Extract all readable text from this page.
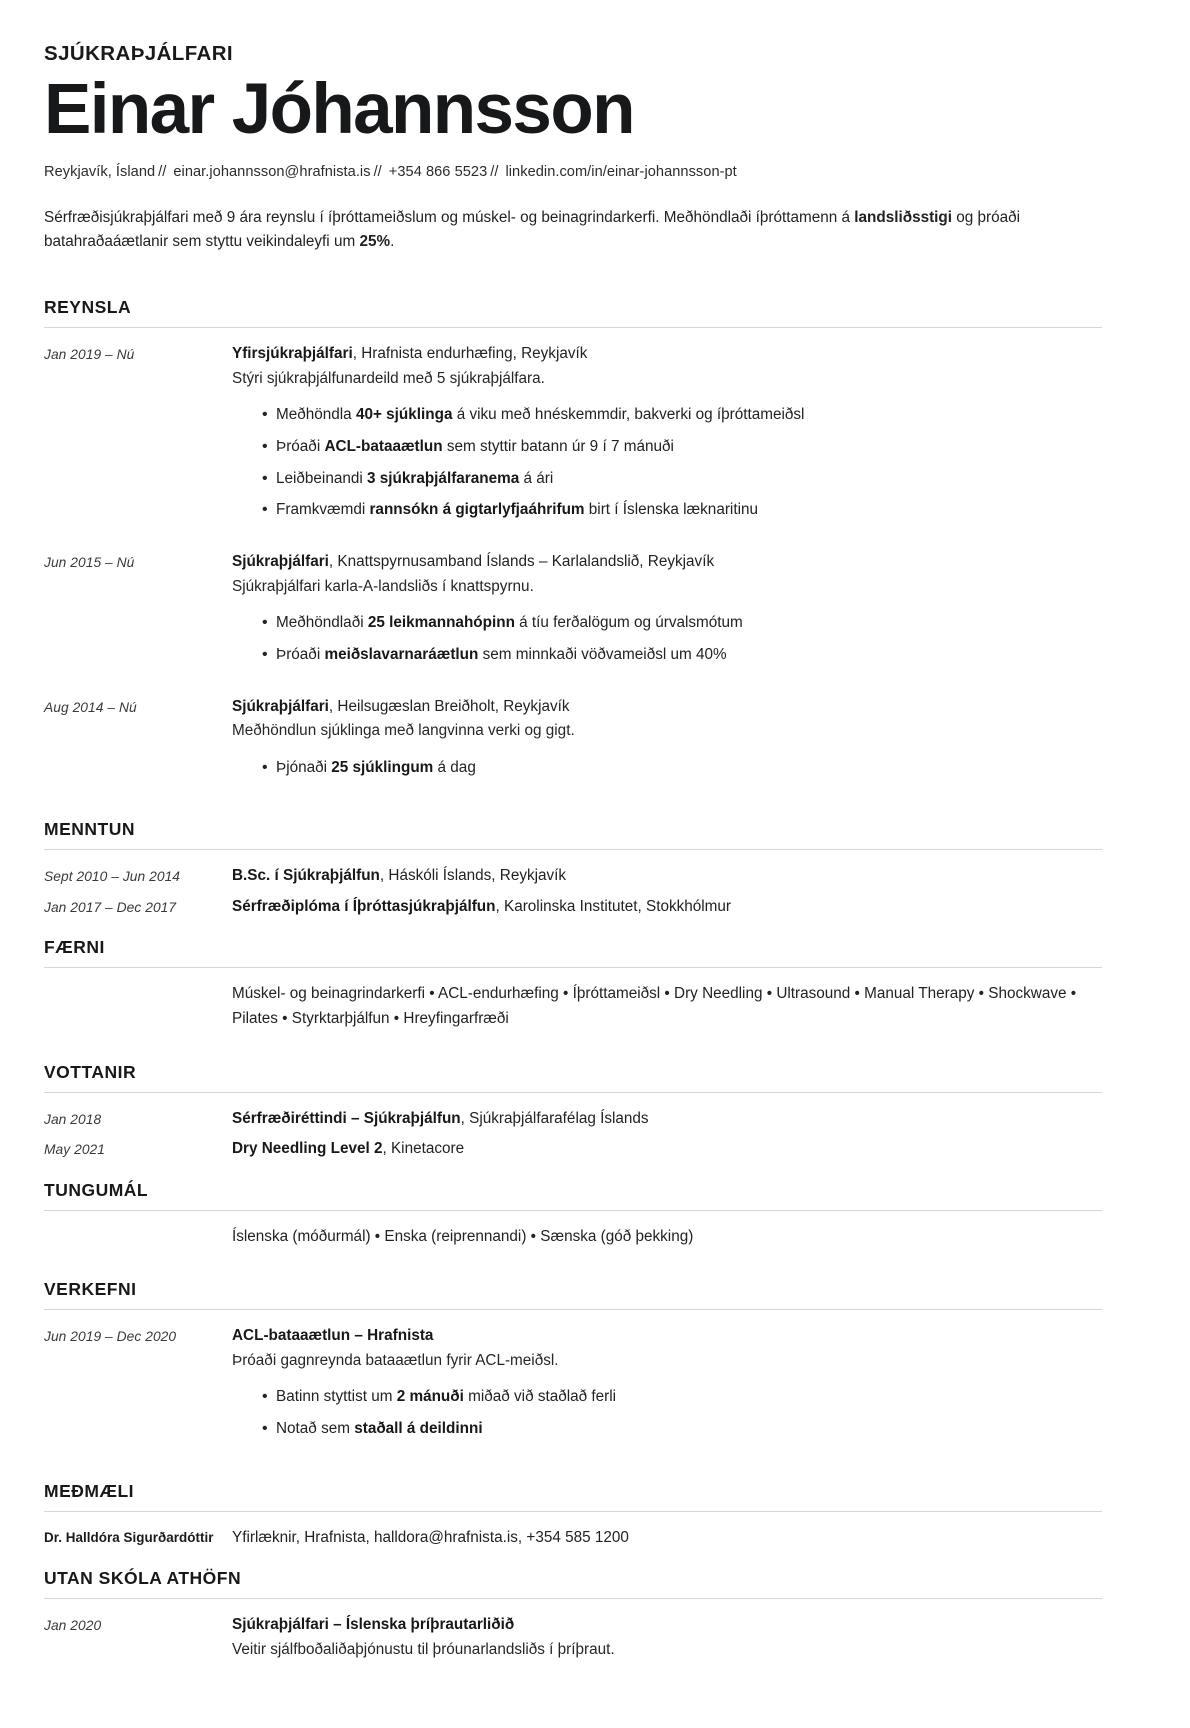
SJÚKRAÞJÁLFARI
Einar Jóhannsson
Reykjavík, Ísland // einar.johannsson@hrafnista.is // +354 866 5523 // linkedin.com/in/einar-johannsson-pt
Sérfræðisjúkraþjálfari með 9 ára reynslu í íþróttameiðslum og múskel- og beinagrindarkerfi. Meðhöndlaði íþróttamenn á landsliðsstigi og þróaði batahraðaáætlanir sem styttu veikindaleyfi um 25%.
REYNSLA
Jan 2019 – Nú	Yfirsjúkraþjálfari, Hrafnista endurhæfing, Reykjavík
Stýri sjúkraþjálfunardeild með 5 sjúkraþjálfara.
• Meðhöndla 40+ sjúklinga á viku með hnéskemmdir, bakverki og íþróttameiðsl
• Þróaði ACL-bataaætlun sem styttir batann úr 9 í 7 mánuði
• Leiðbeinandi 3 sjúkraþjálfaranema á ári
• Framkvæmdi rannsókn á gigtarlyfjaáhrifum birt í Íslenska læknaritinu
Jun 2015 – Nú	Sjúkraþjálfari, Knattspyrnusamband Íslands – Karlalandslið, Reykjavík
Sjúkraþjálfari karla-A-landsliðs í knattspyrnu.
• Meðhöndlaði 25 leikmannahópinn á tíu ferðalögum og úrvalsmótum
• Þróaði meiðslavarnaráætlun sem minnkaði vöðvameiðsl um 40%
Aug 2014 – Nú	Sjúkraþjálfari, Heilsugæslan Breiðholt, Reykjavík
Meðhöndlun sjúklinga með langvinna verki og gigt.
• Þjónaði 25 sjúklingum á dag
MENNTUN
Sept 2010 – Jun 2014	B.Sc. í Sjúkraþjálfun, Háskóli Íslands, Reykjavík
Jan 2017 – Dec 2017	Sérfræðiplóma í Íþróttasjúkraþjálfun, Karolinska Institutet, Stokkhólmur
FÆRNI
Múskel- og beinagrindarkerfi • ACL-endurhæfing • Íþróttameiðsl • Dry Needling • Ultrasound • Manual Therapy • Shockwave • Pilates • Styrktarþjálfun • Hreyfingarfræði
VOTTANIR
Jan 2018	Sérfræðiréttindi – Sjúkraþjálfun, Sjúkraþjálfarafélag Íslands
May 2021	Dry Needling Level 2, Kinetacore
TUNGUMÁL
Íslenska (móðurmál) • Enska (reiprennandi) • Sænska (góð þekking)
VERKEFNI
Jun 2019 – Dec 2020	ACL-bataaætlun – Hrafnista
Þróaði gagnreynda bataaætlun fyrir ACL-meiðsl.
• Batinn styttist um 2 mánuði miðað við staðlað ferli
• Notað sem staðall á deildinni
MEÐMÆLI
Dr. Halldóra Sigurðardóttir	Yfirlæknir, Hrafnista, halldora@hrafnista.is, +354 585 1200
UTAN SKÓLA ATHÖFN
Jan 2020	Sjúkraþjálfari – Íslenska þríþrautarliðið
Veitir sjálfboðaliðaþjónustu til þróunarlandsliðs í þríþraut.
